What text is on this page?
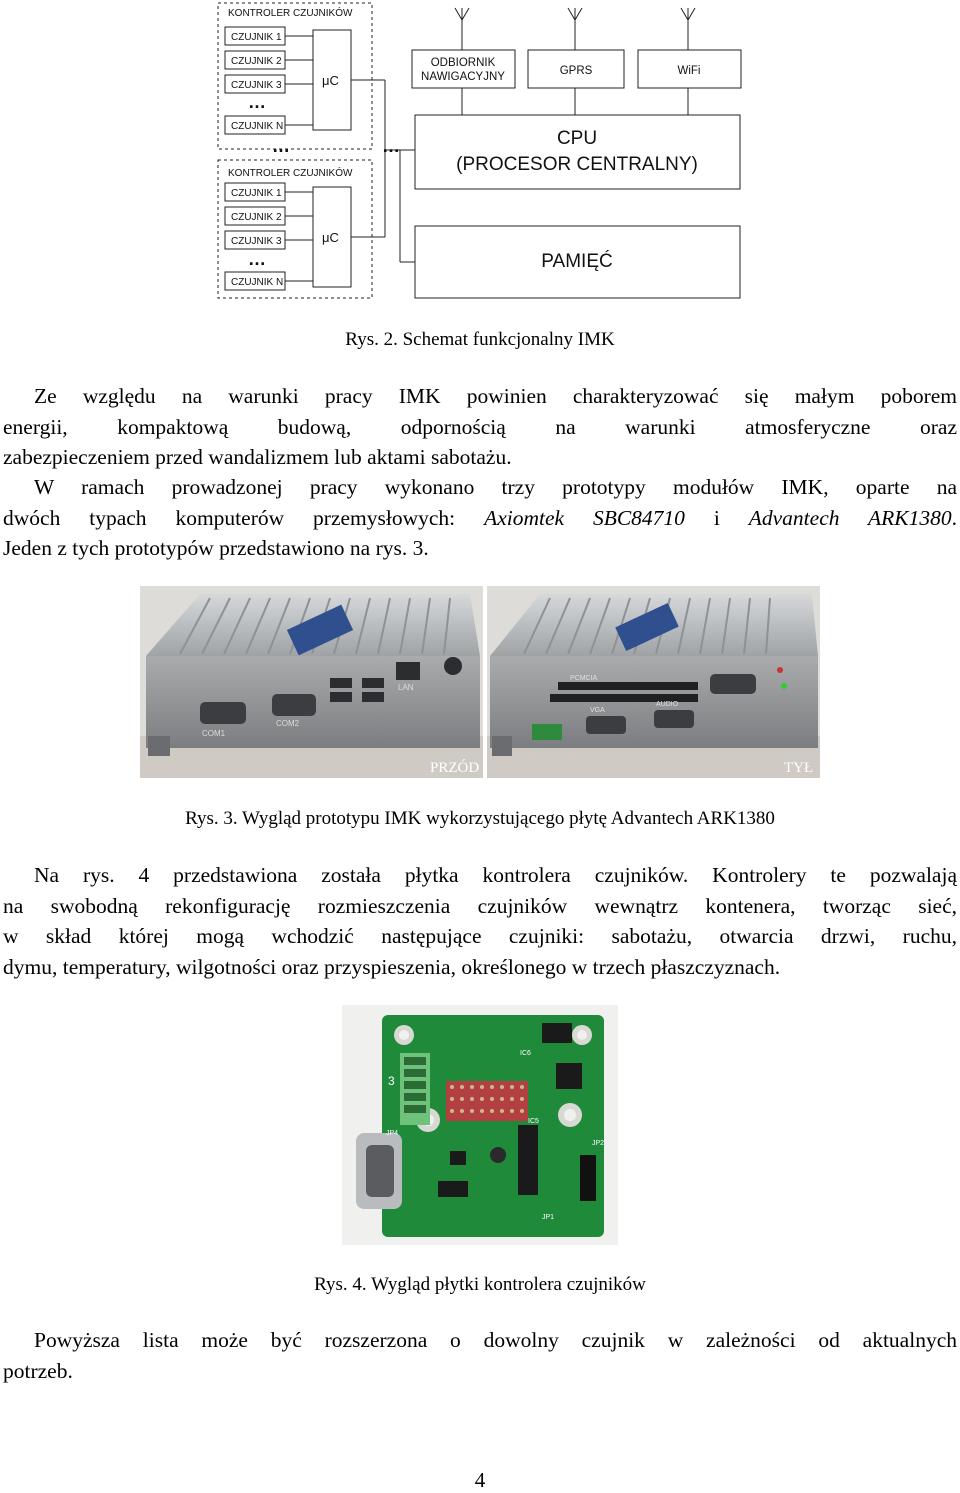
KONTROLER CZUJNIKÓW
CZUJNIK 1
CZUJNIK 2
CZUJNIK 3
CZUJNIK N
KONTROLER CZUJNIKÓW
CZUJNIK 1
CZUJNIK 2
CZUJNIK 3
CZUJNIK N
μC
μC
…
…	…
…
ODBIORNIK
NAWIGACYJNY	GPRS	WiFi
CPU
(PROCESOR CENTRALNY)
PAMIĘĆ
Rys. 2. Schemat funkcjonalny IMK
Ze względu na warunki pracy IMK powinien charakteryzować się małym poborem
energii, kompaktową budową, odpornością na warunki atmosferyczne oraz
zabezpieczeniem przed wandalizmem lub aktami sabotażu.
W ramach prowadzonej pracy wykonano trzy prototypy modułów IMK, oparte na
dwóch typach komputerów przemysłowych: Axiomtek SBC84710 i Advantech ARK1380.
Jeden z tych prototypów przedstawiono na rys. 3.
COM1
COM2
LAN
PCMCIA
VGA
AUDIO
PRZÓD	TYŁ
Rys. 3. Wygląd prototypu IMK wykorzystującego płytę Advantech ARK1380
Na rys. 4 przedstawiona została płytka kontrolera czujników. Kontrolery te pozwalają
na swobodną rekonfigurację rozmieszczenia czujników wewnątrz kontenera, tworząc sieć,
w skład której mogą wchodzić następujące czujniki: sabotażu, otwarcia drzwi, ruchu,
dymu, temperatury, wilgotności oraz przyspieszenia, określonego w trzech płaszczyznach.
IC6
IC5
JP4
JP1
JP2
3
Rys. 4. Wygląd płytki kontrolera czujników
Powyższa lista może być rozszerzona o dowolny czujnik w zależności od aktualnych
potrzeb.
4
